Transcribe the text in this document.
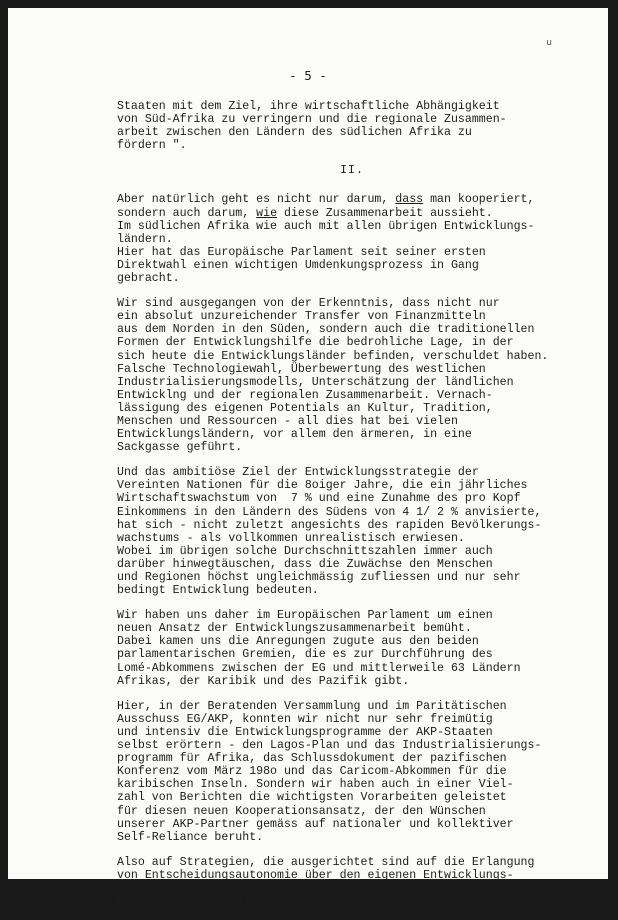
u
- 5 -
Staaten mit dem Ziel, ihre wirtschaftliche Abhängigkeit
von Süd-Afrika zu verringern und die regionale Zusammen-
arbeit zwischen den Ländern des südlichen Afrika zu
fördern ".
II.
Aber natürlich geht es nicht nur darum, dass man kooperiert,
sondern auch darum, wie diese Zusammenarbeit aussieht.
Im südlichen Afrika wie auch mit allen übrigen Entwicklungs-
ländern.
Hier hat das Europäische Parlament seit seiner ersten
Direktwahl einen wichtigen Umdenkungsprozess in Gang
gebracht.
Wir sind ausgegangen von der Erkenntnis, dass nicht nur
ein absolut unzureichender Transfer von Finanzmitteln
aus dem Norden in den Süden, sondern auch die traditionellen
Formen der Entwicklungshilfe die bedrohliche Lage, in der
sich heute die Entwicklungsländer befinden, verschuldet haben.
Falsche Technologiewahl, Überbewertung des westlichen
Industrialisierungsmodells, Unterschätzung der ländlichen
Entwicklng und der regionalen Zusammenarbeit. Vernach-
lässigung des eigenen Potentials an Kultur, Tradition,
Menschen und Ressourcen - all dies hat bei vielen
Entwicklungsländern, vor allem den ärmeren, in eine
Sackgasse geführt.
Und das ambitiöse Ziel der Entwicklungsstrategie der
Vereinten Nationen für die 8oiger Jahre, die ein jährliches
Wirtschaftswachstum von  7 % und eine Zunahme des pro Kopf
Einkommens in den Ländern des Südens von 4 1/ 2 % anvisierte,
hat sich - nicht zuletzt angesichts des rapiden Bevölkerungs-
wachstums - als vollkommen unrealistisch erwiesen.
Wobei im übrigen solche Durchschnittszahlen immer auch
darüber hinwegtäuschen, dass die Zuwächse den Menschen
und Regionen höchst ungleichmässig zufliessen und nur sehr
bedingt Entwicklung bedeuten.
Wir haben uns daher im Europäischen Parlament um einen
neuen Ansatz der Entwicklungszusammenarbeit bemüht.
Dabei kamen uns die Anregungen zugute aus den beiden
parlamentarischen Gremien, die es zur Durchführung des
Lomé-Abkommens zwischen der EG und mittlerweile 63 Ländern
Afrikas, der Karibik und des Pazifik gibt.
Hier, in der Beratenden Versammlung und im Paritätischen
Ausschuss EG/AKP, konnten wir nicht nur sehr freimütig
und intensiv die Entwicklungsprogramme der AKP-Staaten
selbst erörtern - den Lagos-Plan und das Industrialisierungs-
programm für Afrika, das Schlussdokument der pazifischen
Konferenz vom März 198o und das Caricom-Abkommen für die
karibischen Inseln. Sondern wir haben auch in einer Viel-
zahl von Berichten die wichtigsten Vorarbeiten geleistet
für diesen neuen Kooperationsansatz, der den Wünschen
unserer AKP-Partner gemäss auf nationaler und kollektiver
Self-Reliance beruht.
Also auf Strategien, die ausgerichtet sind auf die Erlangung
von Entscheidungsautonomie über den eigenen Entwicklungs-
prozess. Auf die Partizipation der Bevölkerung an diesen
Entscheidungen. Und zwar sowohl im lokalen als auch im
